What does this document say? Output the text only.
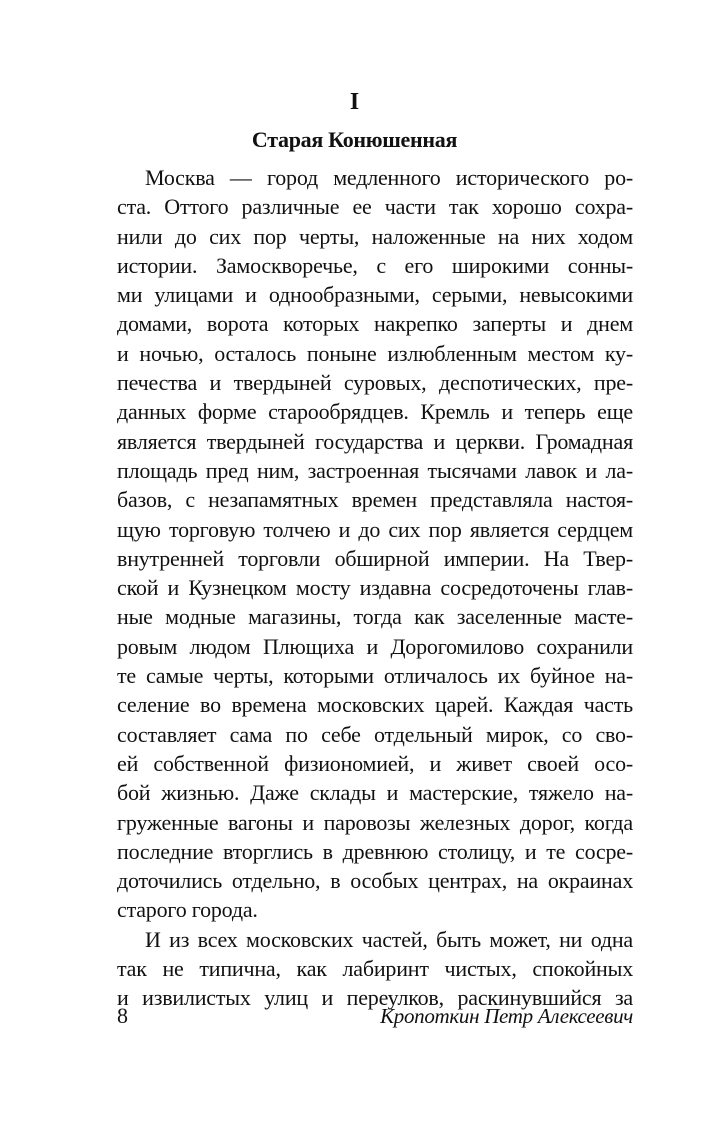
I
Старая Конюшенная
Москва — город медленного исторического ро-
ста. Оттого различные ее части так хорошо сохра-
нили до сих пор черты, наложенные на них ходом
истории. Замоскворечье, с его широкими сонны-
ми улицами и однообразными, серыми, невысокими
домами, ворота которых накрепко заперты и днем
и ночью, осталось поныне излюбленным местом ку-
печества и твердыней суровых, деспотических, пре-
данных форме старообрядцев. Кремль и теперь еще
является твердыней государства и церкви. Громадная
площадь пред ним, застроенная тысячами лавок и ла-
базов, с незапамятных времен представляла настоя-
щую торговую толчею и до сих пор является сердцем
внутренней торговли обширной империи. На Твер-
ской и Кузнецком мосту издавна сосредоточены глав-
ные модные магазины, тогда как заселенные масте-
ровым людом Плющиха и Дорогомилово сохранили
те самые черты, которыми отличалось их буйное на-
селение во времена московских царей. Каждая часть
составляет сама по себе отдельный мирок, со сво-
ей собственной физиономией, и живет своей осо-
бой жизнью. Даже склады и мастерские, тяжело на-
груженные вагоны и паровозы железных дорог, когда
последние вторглись в древнюю столицу, и те сосре-
доточились отдельно, в особых центрах, на окраинах
старого города.
И из всех московских частей, быть может, ни одна
так не типична, как лабиринт чистых, спокойных
и извилистых улиц и переулков, раскинувшийся за
8	Кропоткин Петр Алексеевич
